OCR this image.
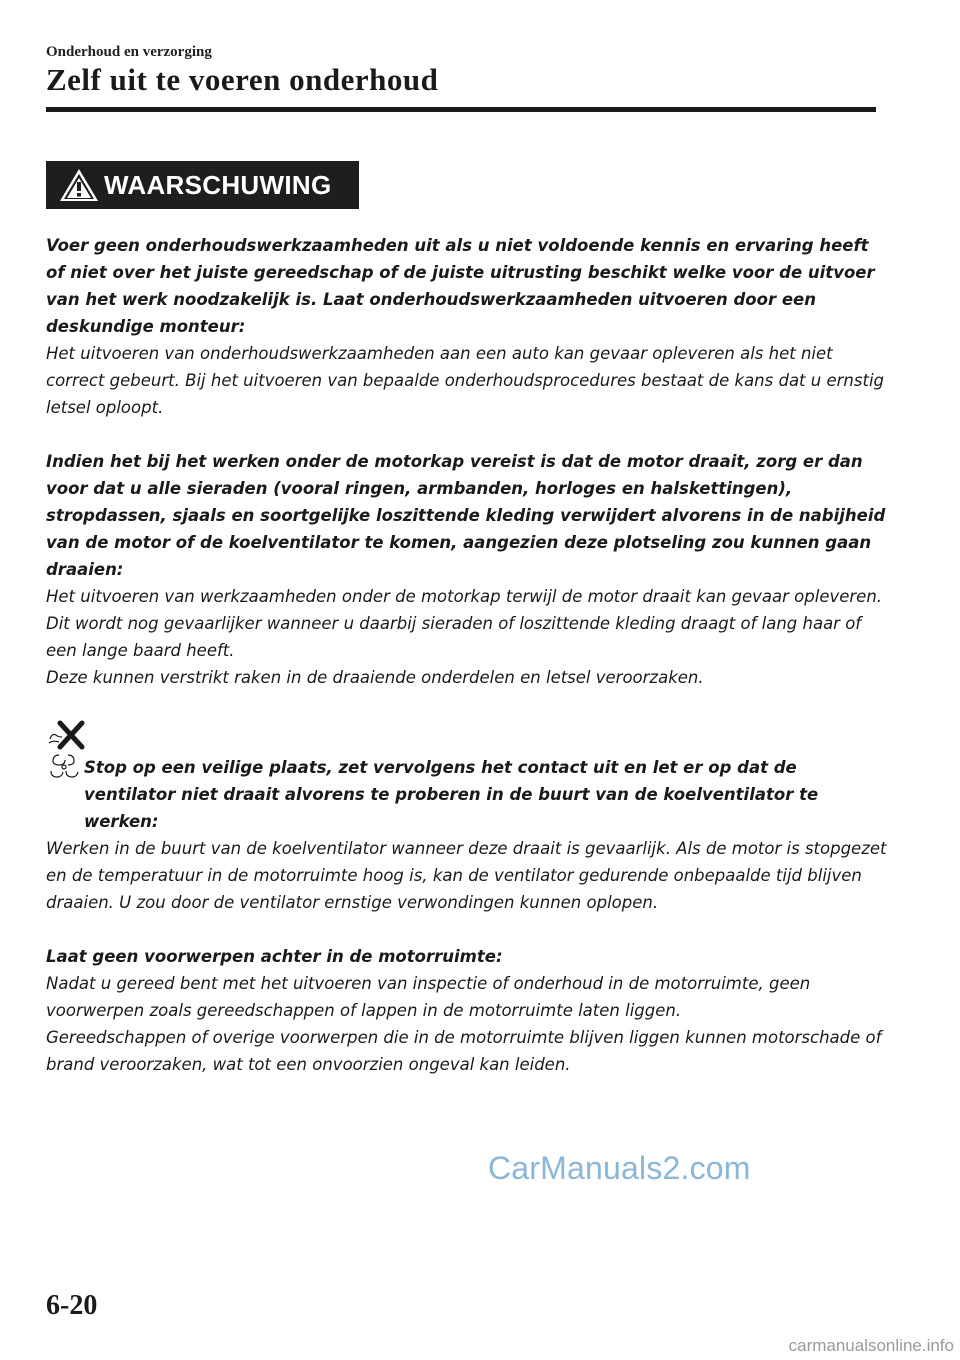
Onderhoud en verzorging
Zelf uit te voeren onderhoud
WAARSCHUWING

Voer geen onderhoudswerkzaamheden uit als u niet voldoende kennis en ervaring heeft of niet over het juiste gereedschap of de juiste uitrusting beschikt welke voor de uitvoer van het werk noodzakelijk is. Laat onderhoudswerkzaamheden uitvoeren door een deskundige monteur:

Het uitvoeren van onderhoudswerkzaamheden aan een auto kan gevaar opleveren als het niet correct gebeurt. Bij het uitvoeren van bepaalde onderhoudsprocedures bestaat de kans dat u ernstig letsel oploopt.

Indien het bij het werken onder de motorkap vereist is dat de motor draait, zorg er dan voor dat u alle sieraden (vooral ringen, armbanden, horloges en halskettingen), stropdassen, sjaals en soortgelijke loszittende kleding verwijdert alvorens in de nabijheid van de motor of de koelventilator te komen, aangezien deze plotseling zou kunnen gaan draaien:

Het uitvoeren van werkzaamheden onder de motorkap terwijl de motor draait kan gevaar opleveren. Dit wordt nog gevaarlijker wanneer u daarbij sieraden of loszittende kleding draagt of lang haar of een lange baard heeft.

Deze kunnen verstrikt raken in de draaiende onderdelen en letsel veroorzaken.

Stop op een veilige plaats, zet vervolgens het contact uit en let er op dat de ventilator niet draait alvorens te proberen in de buurt van de koelventilator te werken:

Werken in de buurt van de koelventilator wanneer deze draait is gevaarlijk. Als de motor is stopgezet en de temperatuur in de motorruimte hoog is, kan de ventilator gedurende onbepaalde tijd blijven draaien. U zou door de ventilator ernstige verwondingen kunnen oplopen.

Laat geen voorwerpen achter in de motorruimte:

Nadat u gereed bent met het uitvoeren van inspectie of onderhoud in de motorruimte, geen voorwerpen zoals gereedschappen of lappen in de motorruimte laten liggen.

Gereedschappen of overige voorwerpen die in de motorruimte blijven liggen kunnen motorschade of brand veroorzaken, wat tot een onvoorzien ongeval kan leiden.

CarManuals2.com
6-20
carmanualsonline.info
